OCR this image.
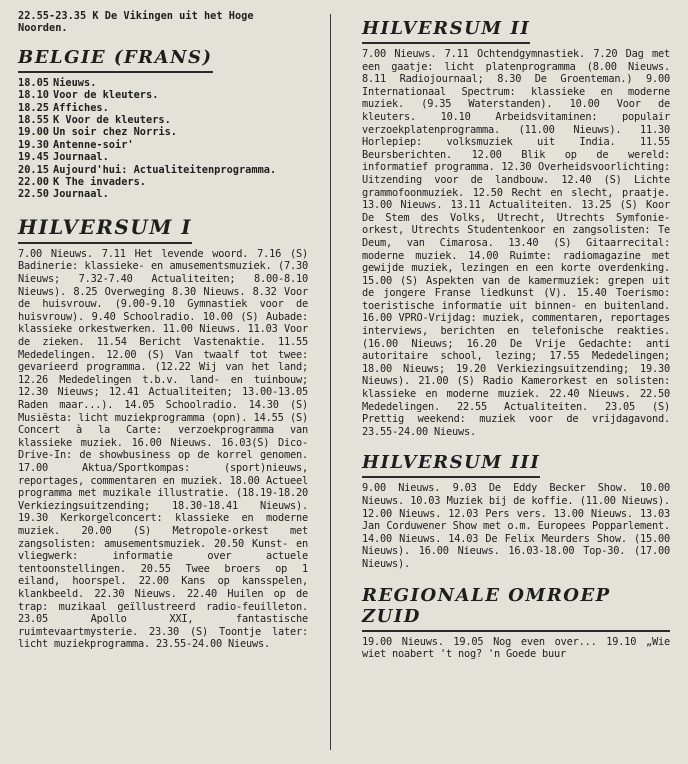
22.55-23.35 K De Vikingen uit het Hoge Noorden.
BELGIE (FRANS)
18.05 Nieuws.
18.10 Voor de kleuters.
18.25 Affiches.
18.55 K Voor de kleuters.
19.00 Un soir chez Norris.
19.30 Antenne-soir'
19.45 Journaal.
20.15 Aujourd'hui: Actualiteitenprogramma.
22.00 K The invaders.
22.50 Journaal.
HILVERSUM I

7.00 Nieuws. 7.11 Het levende woord. 7.16 (S) Badinerie: klassieke- en amusementsmuziek. (7.30 Nieuws; 7.32-7.40 Actualiteiten; 8.00-8.10 Nieuws). 8.25 Overweging 8.30 Nieuws. 8.32 Voor de huisvrouw. (9.00-9.10 Gymnastiek voor de huisvrouw). 9.40 Schoolradio. 10.00 (S) Aubade: klassieke orkestwerken. 11.00 Nieuws. 11.03 Voor de zieken. 11.54 Bericht Vastenaktie. 11.55 Mededelingen. 12.00 (S) Van twaalf tot twee: gevarieerd programma. (12.22 Wij van het land; 12.26 Mededelingen t.b.v. land- en tuinbouw; 12.30 Nieuws; 12.41 Actualiteiten; 13.00-13.05 Raden maar...). 14.05 Schoolradio. 14.30 (S) Musiësta: licht muziekprogramma (opn). 14.55 (S) Concert à la Carte: verzoekprogramma van klassieke muziek. 16.00 Nieuws. 16.03(S) Dico-Drive-In: de showbusiness op de korrel genomen. 17.00 Aktua/Sportkompas: (sport)nieuws, reportages, commentaren en muziek. 18.00 Actueel programma met muzikale illustratie. (18.19-18.20 Verkiezingsuitzending; 18.30-18.41 Nieuws). 19.30 Kerkorgelconcert: klassieke en moderne muziek. 20.00 (S) Metropole-orkest met zangsolisten: amusementsmuziek. 20.50 Kunst- en vliegwerk: informatie over actuele tentoonstellingen. 20.55 Twee broers op 1 eiland, hoorspel. 22.00 Kans op kansspelen, klankbeeld. 22.30 Nieuws. 22.40 Huilen op de trap: muzikaal geïllustreerd radio-feuilleton. 23.05 Apollo XXI, fantastische ruimtevaartmysterie. 23.30 (S) Toontje later: licht muziekprogramma. 23.55-24.00 Nieuws.

HILVERSUM II

7.00 Nieuws. 7.11 Ochtendgymnastiek. 7.20 Dag met een gaatje: licht platenprogramma (8.00 Nieuws. 8.11 Radiojournaal; 8.30 De Groenteman.) 9.00 Internationaal Spectrum: klassieke en moderne muziek. (9.35 Waterstanden). 10.00 Voor de kleuters. 10.10 Arbeidsvitaminen: populair verzoekplatenprogramma. (11.00 Nieuws). 11.30 Horlepiep: volksmuziek uit India. 11.55 Beursberichten. 12.00 Blik op de wereld: informatief programma. 12.30 Overheidsvoorlichting: Uitzending voor de landbouw. 12.40 (S) Lichte grammofoonmuziek. 12.50 Recht en slecht, praatje. 13.00 Nieuws. 13.11 Actualiteiten. 13.25 (S) Koor De Stem des Volks, Utrecht, Utrechts Symfonie-orkest, Utrechts Studentenkoor en zangsolisten: Te Deum, van Cimarosa. 13.40 (S) Gitaarrecital: moderne muziek. 14.00 Ruimte: radiomagazine met gewijde muziek, lezingen en een korte overdenking. 15.00 (S) Aspekten van de kamermuziek: grepen uit de jongere Franse liedkunst (V). 15.40 Toerismo: toeristische informatie uit binnen- en buitenland. 16.00 VPRO-Vrijdag: muziek, commentaren, reportages interviews, berichten en telefonische reakties. (16.00 Nieuws; 16.20 De Vrije Gedachte: anti autoritaire school, lezing; 17.55 Mededelingen; 18.00 Nieuws; 19.20 Verkiezingsuitzending; 19.30 Nieuws). 21.00 (S) Radio Kamerorkest en solisten: klassieke en moderne muziek. 22.40 Nieuws. 22.50 Mededelingen. 22.55 Actualiteiten. 23.05 (S) Prettig weekend: muziek voor de vrijdagavond. 23.55-24.00 Nieuws.

HILVERSUM III

9.00 Nieuws. 9.03 De Eddy Becker Show. 10.00 Nieuws. 10.03 Muziek bij de koffie. (11.00 Nieuws). 12.00 Nieuws. 12.03 Pers vers. 13.00 Nieuws. 13.03 Jan Corduwener Show met o.m. Europees Popparlement. 14.00 Nieuws. 14.03 De Felix Meurders Show. (15.00 Nieuws). 16.00 Nieuws. 16.03-18.00 Top-30. (17.00 Nieuws).

REGIONALE OMROEP ZUID

19.00 Nieuws. 19.05 Nog even over... 19.10 „Wie wiet noabert 't nog? 'n Goede buur
